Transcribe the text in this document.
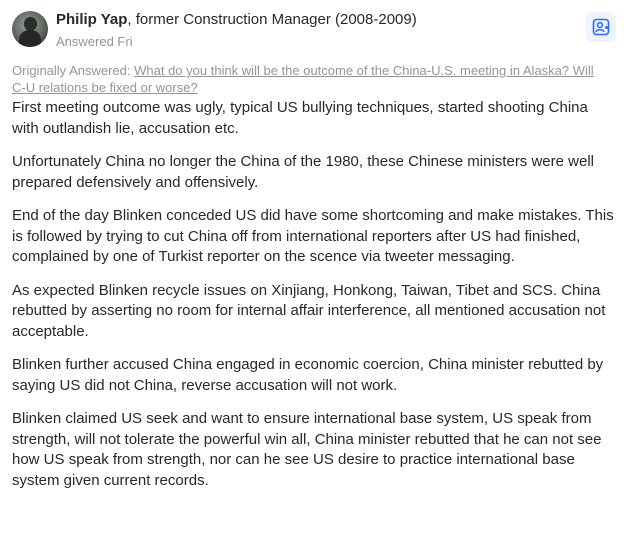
Philip Yap, former Construction Manager (2008-2009)
Answered Fri
Originally Answered: What do you think will be the outcome of the China-U.S. meeting in Alaska? Will C-U relations be fixed or worse?

First meeting outcome was ugly, typical US bullying techniques, started shooting China with outlandish lie, accusation etc.

Unfortunately China no longer the China of the 1980, these Chinese ministers were well prepared defensively and offensively.

End of the day Blinken conceded US did have some shortcoming and make mistakes. This is followed by trying to cut China off from international reporters after US had finished, complained by one of Turkist reporter on the scence via tweeter messaging.

As expected Blinken recycle issues on Xinjiang, Honkong, Taiwan, Tibet and SCS. China rebutted by asserting no room for internal affair interference, all mentioned accusation not acceptable.

Blinken further accused China engaged in economic coercion, China minister rebutted by saying US did not China, reverse accusation will not work.

Blinken claimed US seek and want to ensure international base system, US speak from strength, will not tolerate the powerful win all, China minister rebutted that he can not see how US speak from strength, nor can he see US desire to practice international base system given current records.
